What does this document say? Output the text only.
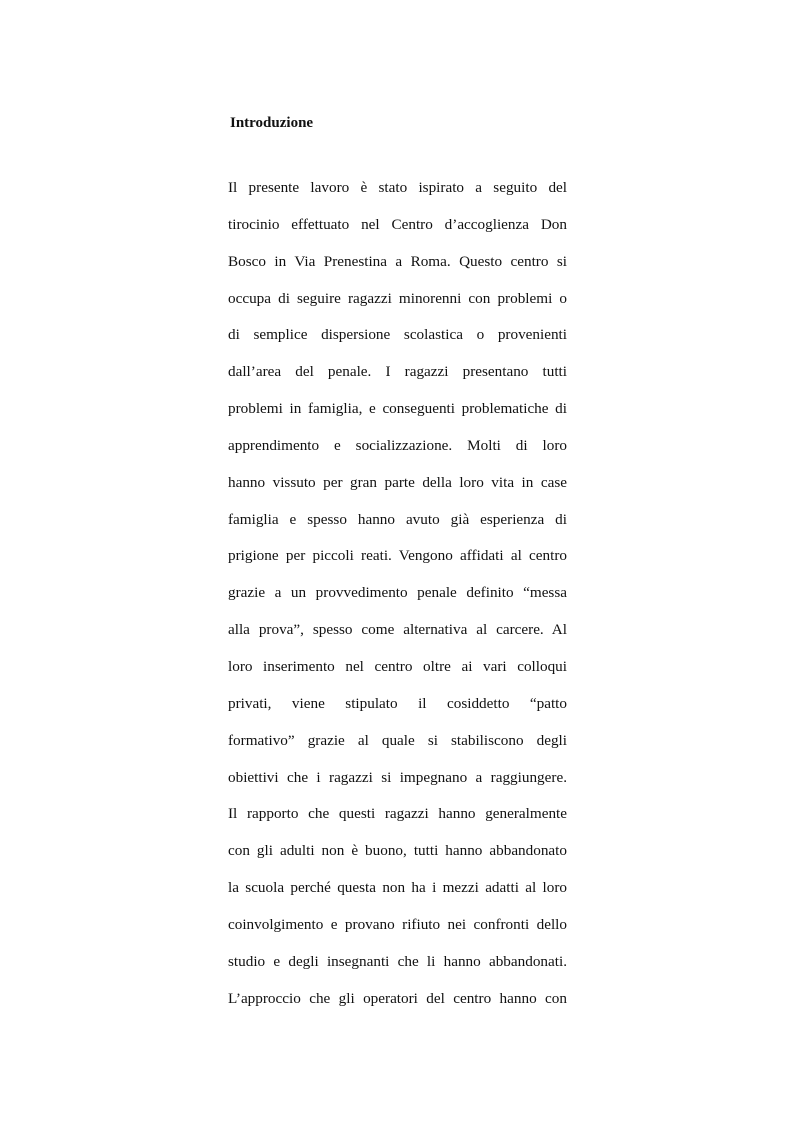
Introduzione
Il presente lavoro è stato ispirato a seguito del
tirocinio effettuato nel Centro d’accoglienza Don
Bosco in Via Prenestina a Roma. Questo centro si
occupa di seguire ragazzi minorenni con problemi o
di semplice dispersione scolastica o provenienti
dall’area del penale. I ragazzi presentano tutti
problemi in famiglia, e conseguenti problematiche di
apprendimento e socializzazione. Molti di loro
hanno vissuto per gran parte della loro vita in case
famiglia e spesso hanno avuto già esperienza di
prigione per piccoli reati. Vengono affidati al centro
grazie a un provvedimento penale definito “messa
alla prova”, spesso come alternativa al carcere. Al
loro inserimento nel centro oltre ai vari colloqui
privati, viene stipulato il cosiddetto “patto
formativo” grazie al quale si stabiliscono degli
obiettivi che i ragazzi si impegnano a raggiungere.
Il rapporto che questi ragazzi hanno generalmente
con gli adulti non è buono, tutti hanno abbandonato
la scuola perché questa non ha i mezzi adatti al loro
coinvolgimento e provano rifiuto nei confronti dello
studio e degli insegnanti che li hanno abbandonati.
L’approccio che gli operatori del centro hanno con
